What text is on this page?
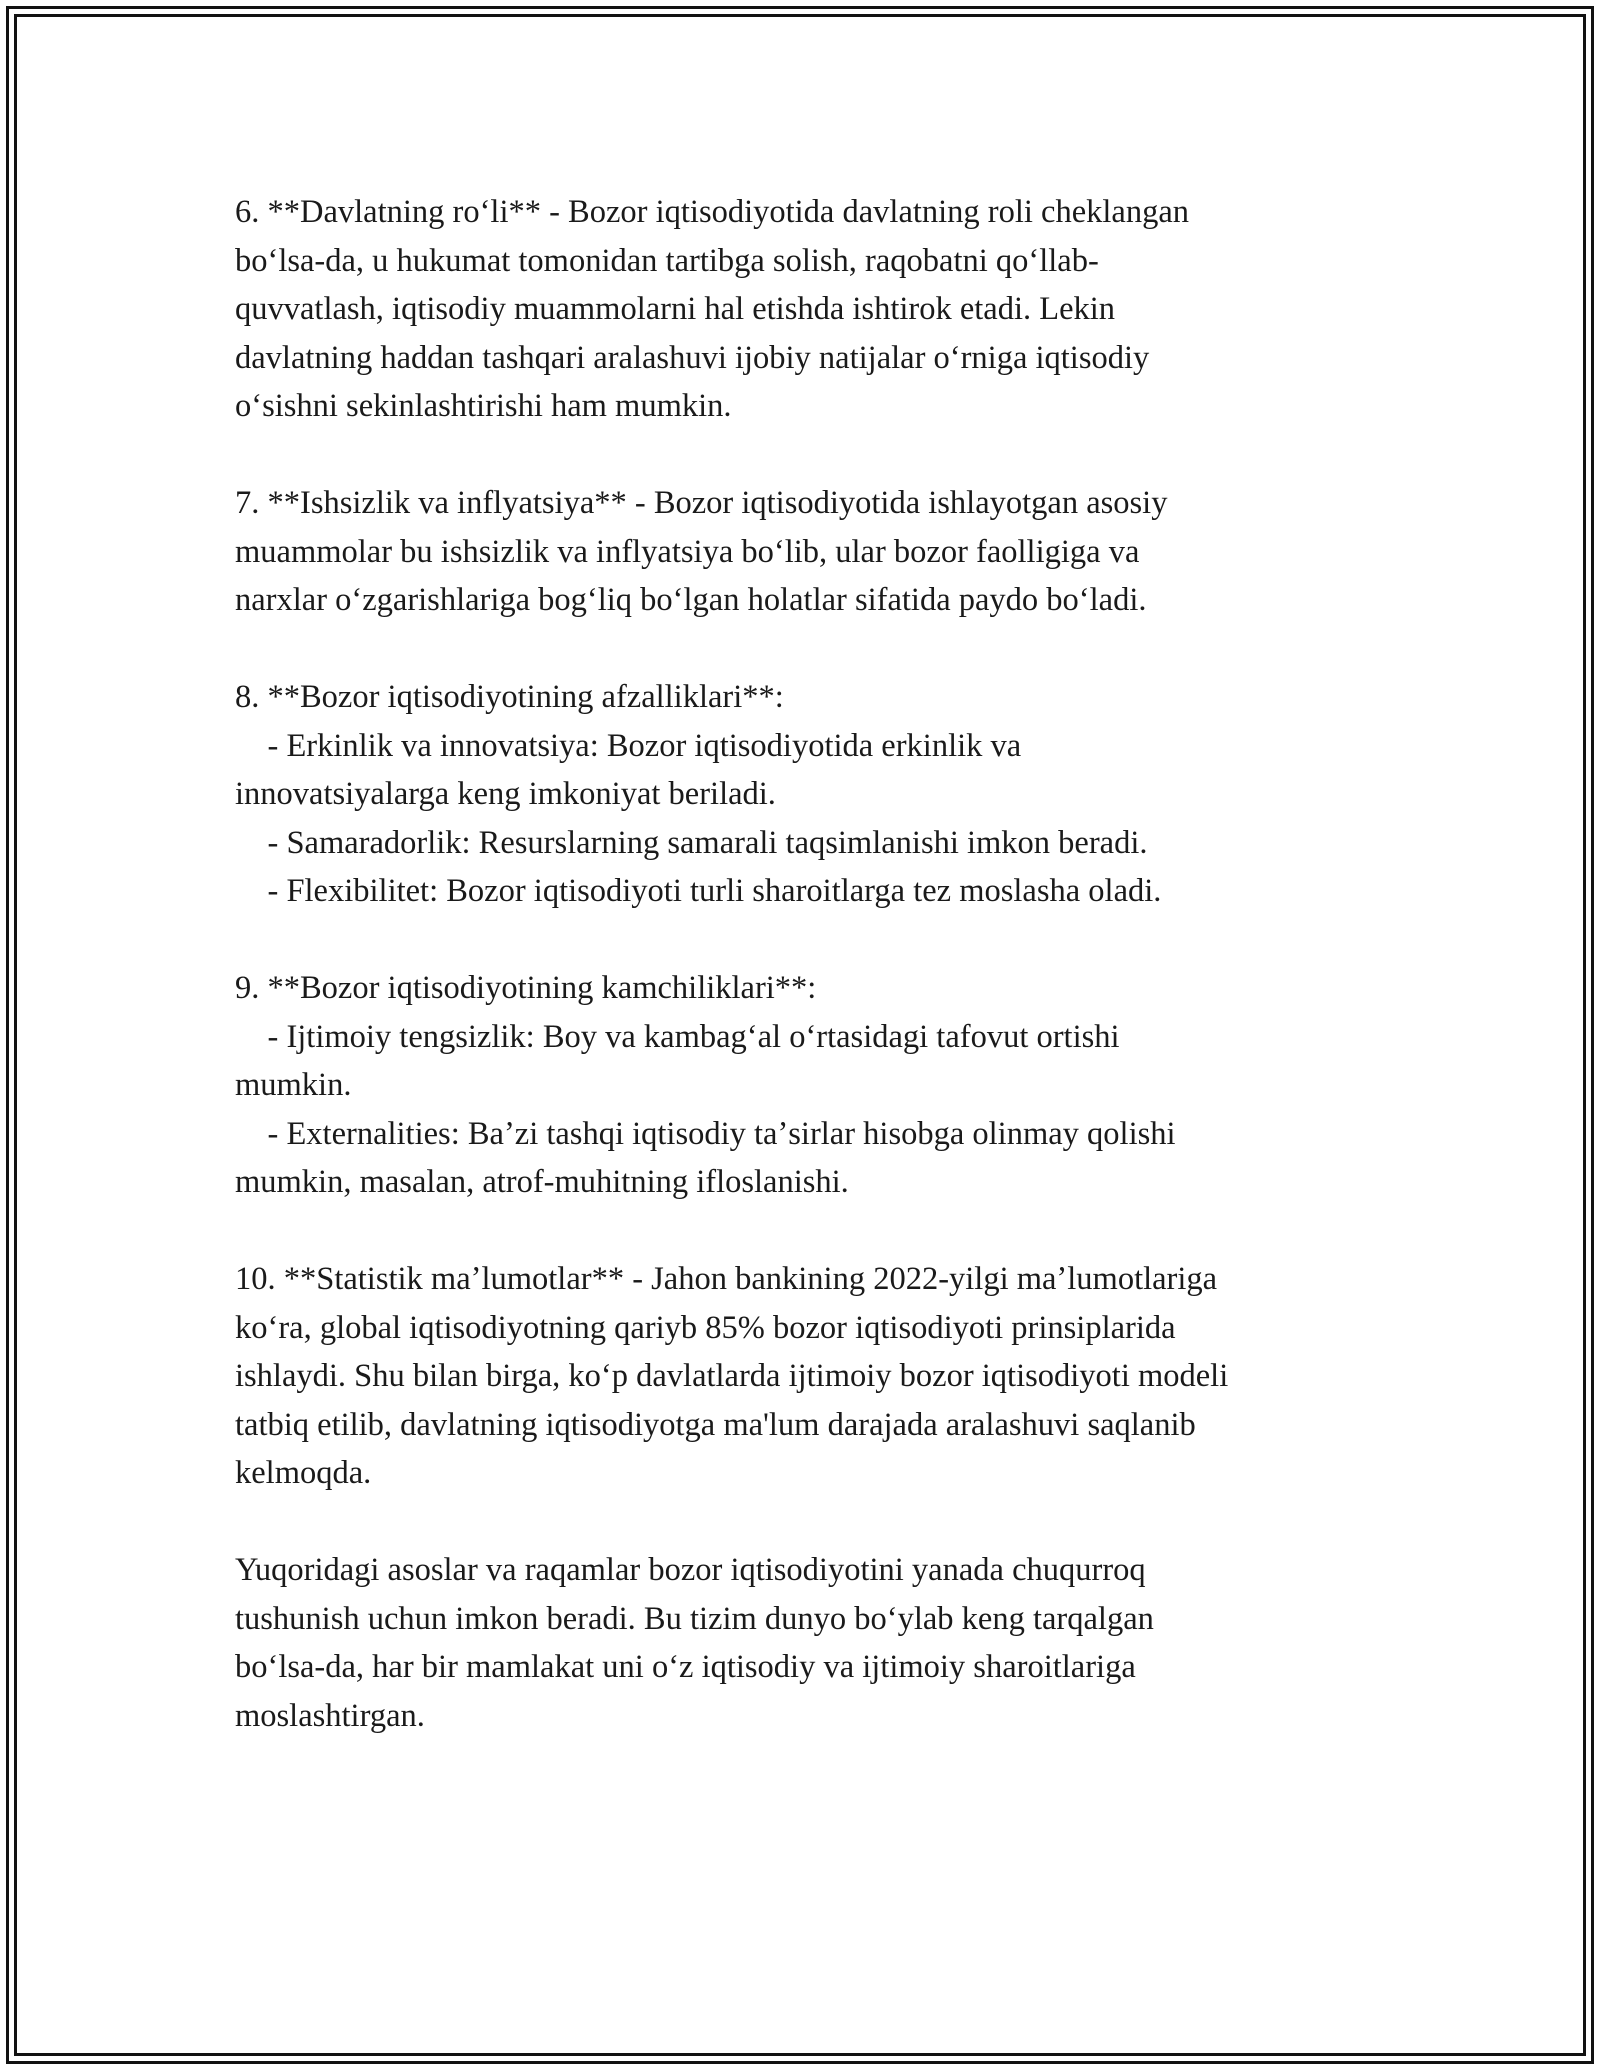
6. **Davlatning roʻli** - Bozor iqtisodiyotida davlatning roli cheklangan
boʻlsa-da, u hukumat tomonidan tartibga solish, raqobatni qoʻllab-
quvvatlash, iqtisodiy muammolarni hal etishda ishtirok etadi. Lekin
davlatning haddan tashqari aralashuvi ijobiy natijalar oʻrniga iqtisodiy
oʻsishni sekinlashtirishi ham mumkin.

7. **Ishsizlik va inflyatsiya** - Bozor iqtisodiyotida ishlayotgan asosiy
muammolar bu ishsizlik va inflyatsiya boʻlib, ular bozor faolligiga va
narxlar oʻzgarishlariga bogʻliq boʻlgan holatlar sifatida paydo boʻladi.

8. **Bozor iqtisodiyotining afzalliklari**:
- Erkinlik va innovatsiya: Bozor iqtisodiyotida erkinlik va
innovatsiyalarga keng imkoniyat beriladi.
- Samaradorlik: Resurslarning samarali taqsimlanishi imkon beradi.
- Flexibilitet: Bozor iqtisodiyoti turli sharoitlarga tez moslasha oladi.

9. **Bozor iqtisodiyotining kamchiliklari**:
- Ijtimoiy tengsizlik: Boy va kambagʻal oʻrtasidagi tafovut ortishi
mumkin.
- Externalities: Baʼzi tashqi iqtisodiy taʼsirlar hisobga olinmay qolishi
mumkin, masalan, atrof-muhitning ifloslanishi.

10. **Statistik maʼlumotlar** - Jahon bankining 2022-yilgi maʼlumotlariga
koʻra, global iqtisodiyotning qariyb 85% bozor iqtisodiyoti prinsiplarida
ishlaydi. Shu bilan birga, koʻp davlatlarda ijtimoiy bozor iqtisodiyoti modeli
tatbiq etilib, davlatning iqtisodiyotga ma'lum darajada aralashuvi saqlanib
kelmoqda.

Yuqoridagi asoslar va raqamlar bozor iqtisodiyotini yanada chuqurroq
tushunish uchun imkon beradi. Bu tizim dunyo boʻylab keng tarqalgan
boʻlsa-da, har bir mamlakat uni oʻz iqtisodiy va ijtimoiy sharoitlariga
moslashtirgan.
